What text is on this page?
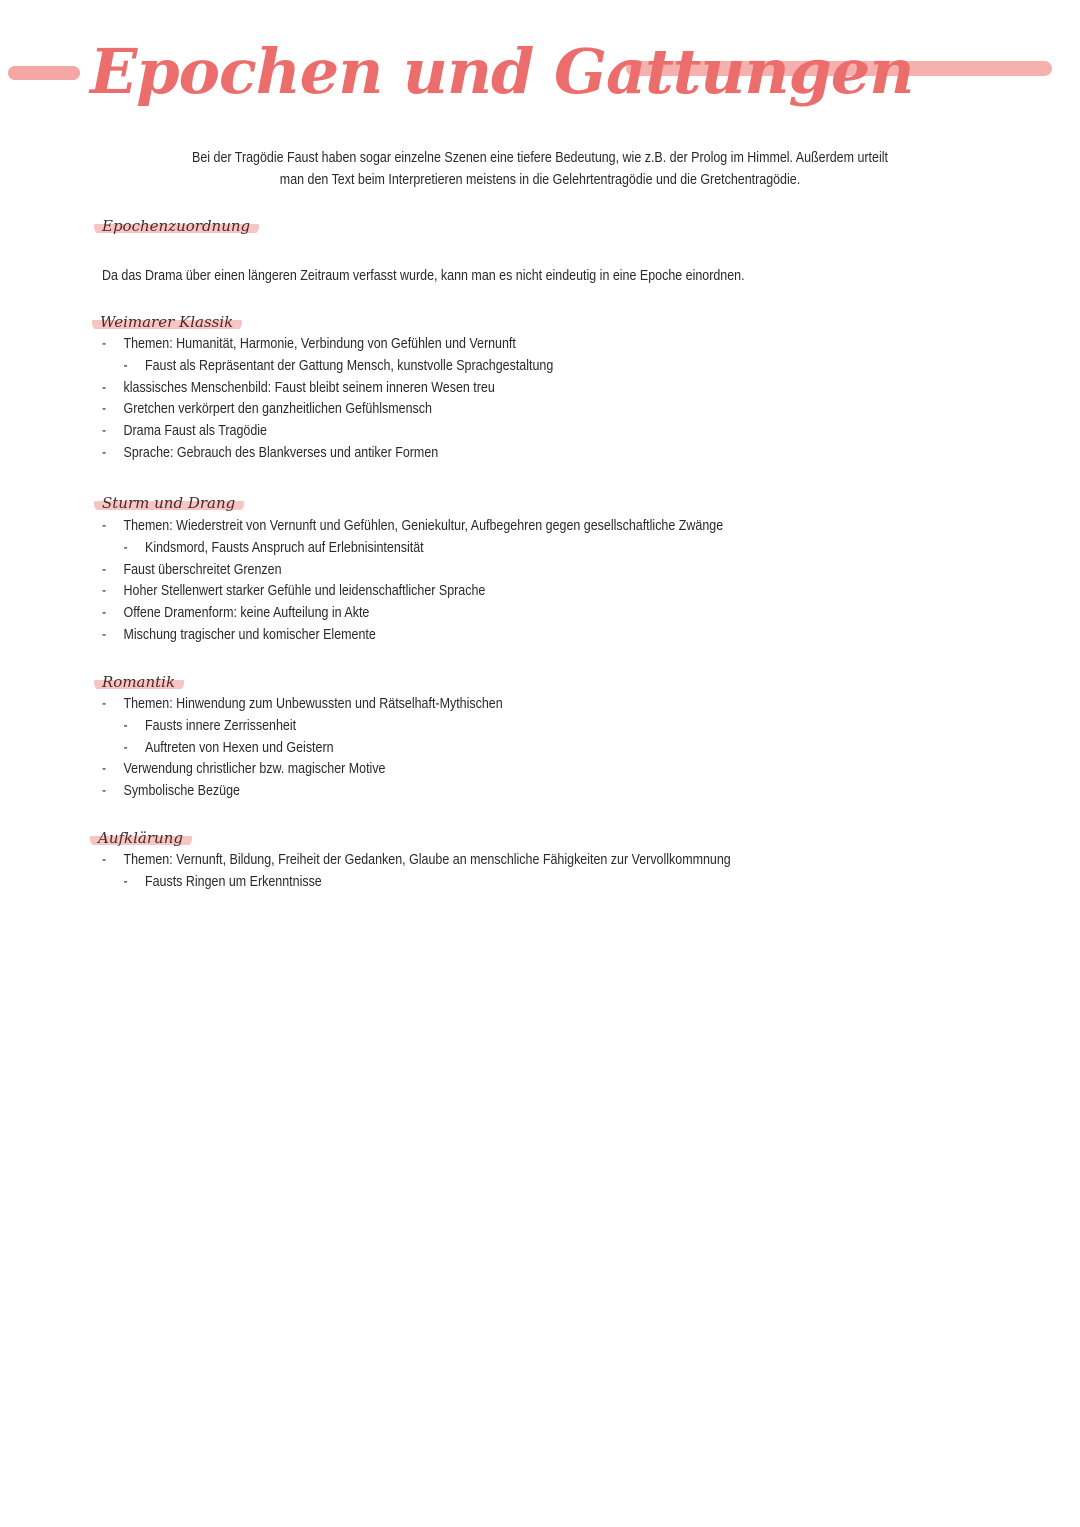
Epochen und Gattungen

Bei der Tragödie Faust haben sogar einzelne Szenen eine tiefere Bedeutung, wie z.B. der Prolog im Himmel. Außerdem urteilt man den Text beim Interpretieren meistens in die Gelehrtentragödie und die Gretchentragödie.

Epochenzuordnung

Da das Drama über einen längeren Zeitraum verfasst wurde, kann man es nicht eindeutig in eine Epoche einordnen.

Weimarer Klassik
- Themen: Humanität, Harmonie, Verbindung von Gefühlen und Vernunft
- Faust als Repräsentant der Gattung Mensch, kunstvolle Sprachgestaltung
- klassisches Menschenbild: Faust bleibt seinem inneren Wesen treu
- Gretchen verkörpert den ganzheitlichen Gefühlsmensch
- Drama Faust als Tragödie
- Sprache: Gebrauch des Blankverses und antiker Formen
Sturm und Drang
- Themen: Wiederstreit von Vernunft und Gefühlen, Geniekultur, Aufbegehren gegen gesellschaftliche Zwänge
- Kindsmord, Fausts Anspruch auf Erlebnisintensität
- Faust überschreitet Grenzen
- Hoher Stellenwert starker Gefühle und leidenschaftlicher Sprache
- Offene Dramenform: keine Aufteilung in Akte
- Mischung tragischer und komischer Elemente
Romantik
- Themen: Hinwendung zum Unbewussten und Rätselhaft-Mythischen
- Fausts innere Zerrissenheit
- Auftreten von Hexen und Geistern
- Verwendung christlicher bzw. magischer Motive
- Symbolische Bezüge
Aufklärung
- Themen: Vernunft, Bildung, Freiheit der Gedanken, Glaube an menschliche Fähigkeiten zur Vervollkommnung
- Fausts Ringen um Erkenntnisse
